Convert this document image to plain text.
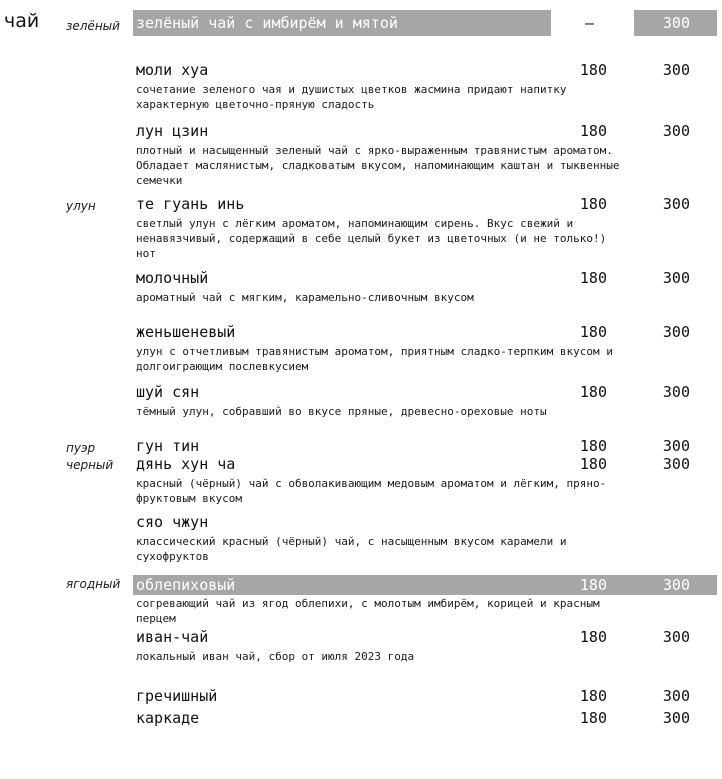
чай зелёный
улун
пуэр
черный
ягодный
зелёный чай с имбирём и мятой	–	300
моли хуа	180	300
сочетание зеленого чая и душистых цветков жасмина придают напитку характерную цветочно-пряную сладость
лун цзин	180	300
плотный и насыщенный зеленый чай с ярко-выраженным травянистым ароматом. Обладает маслянистым, сладковатым вкусом, напоминающим каштан и тыквенные семечки
те гуань инь	180	300
светлый улун с лёгким ароматом, напоминающим сирень. Вкус свежий и ненавязчивый, содержащий в себе целый букет из цветочных (и не только!) нот
молочный	180	300
ароматный чай с мягким, карамельно-сливочным вкусом
женьшеневый	180	300
улун с отчетливым травянистым ароматом, приятным сладко-терпким вкусом и долгоиграющим послевкусием
шуй сян	180	300
тёмный улун, собравший во вкусе пряные, древесно-ореховые ноты
гун тин	180	300
дянь хун ча	180	300
красный (чёрный) чай с обволакивающим медовым ароматом и лёгким, пряно-фруктовым вкусом
сяо чжун
классический красный (чёрный) чай, с насыщенным вкусом карамели и сухофруктов
облепиховый	180	300
согревающий чай из ягод облепихи, с молотым имбирём, корицей и красным перцем
иван-чай	180	300
локальный иван чай, сбор от июля 2023 года
гречишный	180	300
каркаде	180	300
